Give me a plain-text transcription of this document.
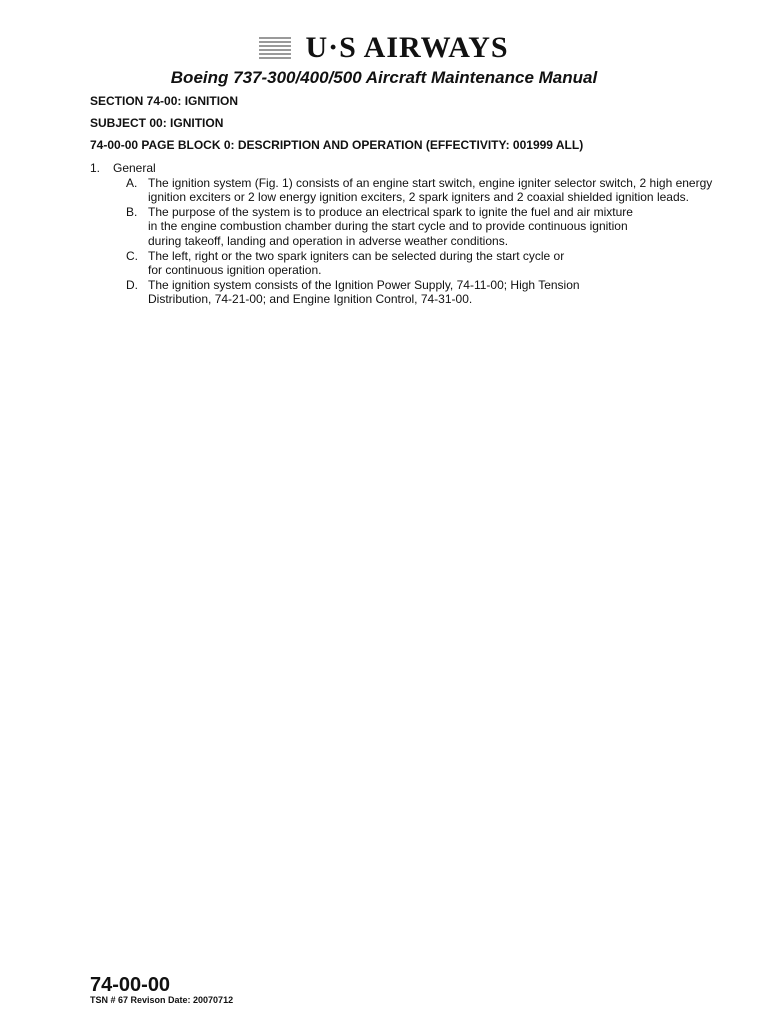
U·S AIRWAYS
Boeing 737-300/400/500 Aircraft Maintenance Manual
SECTION 74-00: IGNITION
SUBJECT 00: IGNITION
74-00-00 PAGE BLOCK 0: DESCRIPTION AND OPERATION (EFFECTIVITY: 001999 ALL)
1.	General
A. The ignition system (Fig. 1) consists of an engine start switch, engine igniter selector switch, 2 high energy
ignition exciters or 2 low energy ignition exciters, 2 spark igniters and 2 coaxial shielded ignition leads.
B. The purpose of the system is to produce an electrical spark to ignite the fuel and air mixture
in the engine combustion chamber during the start cycle and to provide continuous ignition
during takeoff, landing and operation in adverse weather conditions.
C. The left, right or the two spark igniters can be selected during the start cycle or
for continuous ignition operation.
D. The ignition system consists of the Ignition Power Supply, 74-11-00; High Tension
Distribution, 74-21-00; and Engine Ignition Control, 74-31-00.
74-00-00
TSN # 67 Revison Date: 20070712
